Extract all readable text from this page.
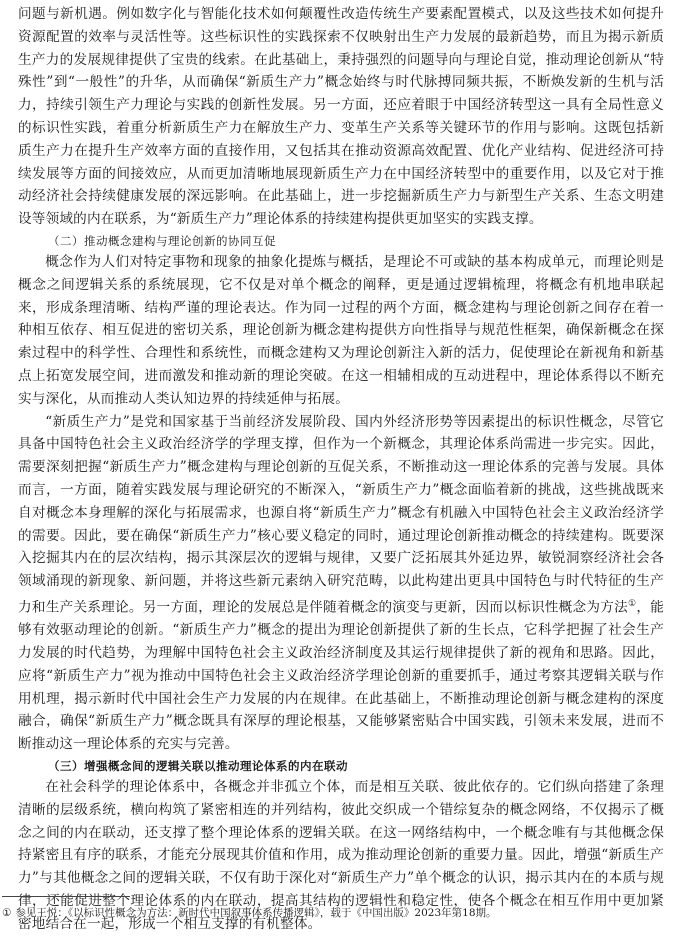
问题与新机遇。例如数字化与智能化技术如何颠覆性改造传统生产要素配置模式，以及这些技术如何提升资源配置的效率与灵活性等。这些标识性的实践探索不仅映射出生产力发展的最新趋势，而且为揭示新质生产力的发展规律提供了宝贵的线索。在此基础上，秉持强烈的问题导向与理论自觉，推动理论创新从“特殊性”到“一般性”的升华，从而确保“新质生产力”概念始终与时代脉搏同频共振，不断焕发新的生机与活力，持续引领生产力理论与实践的创新性发展。另一方面，还应着眼于中国经济转型这一具有全局性意义的标识性实践，着重分析新质生产力在解放生产力、变革生产关系等关键环节的作用与影响。这既包括新质生产力在提升生产效率方面的直接作用，又包括其在推动资源高效配置、优化产业结构、促进经济可持续发展等方面的间接效应，从而更加清晰地展现新质生产力在中国经济转型中的重要作用，以及它对于推动经济社会持续健康发展的深远影响。在此基础上，进一步挖掘新质生产力与新型生产关系、生态文明建设等领域的内在联系，为“新质生产力”理论体系的持续建构提供更加坚实的实践支撑。

（二）推动概念建构与理论创新的协同互促

概念作为人们对特定事物和现象的抽象化提炼与概括，是理论不可或缺的基本构成单元，而理论则是概念之间逻辑关系的系统展现，它不仅是对单个概念的阐释，更是通过逻辑梳理，将概念有机地串联起来，形成条理清晰、结构严谨的理论表达。作为同一过程的两个方面，概念建构与理论创新之间存在着一种相互依存、相互促进的密切关系，理论创新为概念建构提供方向性指导与规范性框架，确保新概念在探索过程中的科学性、合理性和系统性，而概念建构又为理论创新注入新的活力，促使理论在新视角和新基点上拓宽发展空间，进而激发和推动新的理论突破。在这一相辅相成的互动进程中，理论体系得以不断充实与深化，从而推动人类认知边界的持续延伸与拓展。

“新质生产力”是党和国家基于当前经济发展阶段、国内外经济形势等因素提出的标识性概念，尽管它具备中国特色社会主义政治经济学的学理支撑，但作为一个新概念，其理论体系尚需进一步完实。因此，需要深刻把握“新质生产力”概念建构与理论创新的互促关系，不断推动这一理论体系的完善与发展。具体而言，一方面，随着实践发展与理论研究的不断深入，“新质生产力”概念面临着新的挑战，这些挑战既来自对概念本身理解的深化与拓展需求，也源自将“新质生产力”概念有机融入中国特色社会主义政治经济学的需要。因此，要在确保“新质生产力”核心要义稳定的同时，通过理论创新推动概念的持续建构。既要深入挖掘其内在的层次结构，揭示其深层次的逻辑与规律，又要广泛拓展其外延边界，敏锐洞察经济社会各领域涌现的新现象、新问题，并将这些新元素纳入研究范畴，以此构建出更具中国特色与时代特征的生产力和生产关系理论。另一方面，理论的发展总是伴随着概念的演变与更新，因而以标识性概念为方法①，能够有效驱动理论的创新。“新质生产力”概念的提出为理论创新提供了新的生长点，它科学把握了社会生产力发展的时代趋势，为理解中国特色社会主义政治经济制度及其运行规律提供了新的视角和思路。因此，应将“新质生产力”视为推动中国特色社会主义政治经济学理论创新的重要抓手，通过考察其逻辑关联与作用机理，揭示新时代中国社会生产力发展的内在规律。在此基础上，不断推动理论创新与概念建构的深度融合，确保“新质生产力”概念既具有深厚的理论根基，又能够紧密贴合中国实践，引领未来发展，进而不断推动这一理论体系的充实与完善。

（三）增强概念间的逻辑关联以推动理论体系的内在联动

在社会科学的理论体系中，各概念并非孤立个体，而是相互关联、彼此依存的。它们纵向搭建了条理清晰的层级系统，横向构筑了紧密相连的并列结构，彼此交织成一个错综复杂的概念网络，不仅揭示了概念之间的内在联动，还支撑了整个理论体系的逻辑关联。在这一网络结构中，一个概念唯有与其他概念保持紧密且有序的联系，才能充分展现其价值和作用，成为推动理论创新的重要力量。因此，增强“新质生产力”与其他概念之间的逻辑关联，不仅有助于深化对“新质生产力”单个概念的认识，揭示其内在的本质与规律，还能促进整个理论体系的内在联动，提高其结构的逻辑性和稳定性，使各个概念在相互作用中更加紧密地结合在一起，形成一个相互支撑的有机整体。

① 参见王悦：《以标识性概念为方法：新时代中国叙事体系传播逻辑》，载于《中国出版》2023年第18期。
